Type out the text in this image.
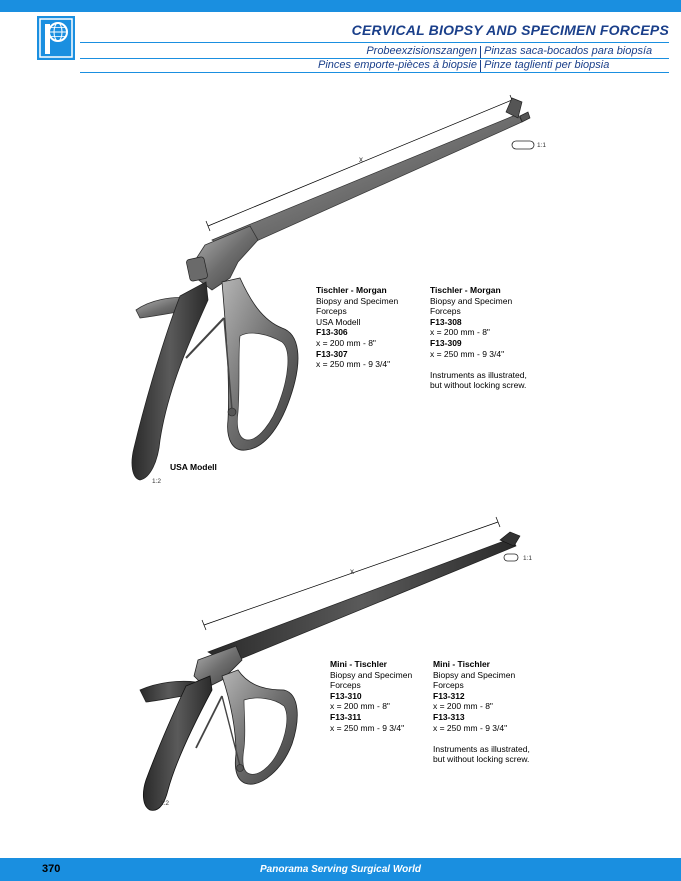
CERVICAL BIOPSY AND SPECIMEN FORCEPS
Probeexzisionszangen Pinzas saca-bocados para biopsía
Pinces emporte-pièces à biopsie Pinze taglienti per biopsia
x
1:1
1:2
USA Modell
x
1:1
1:2
Tischler - Morgan
Biopsy and Specimen
Forceps
USA Modell
F13-306
x = 200 mm - 8"
F13-307
x = 250 mm - 9 3/4"
Tischler - Morgan
Biopsy and Specimen
Forceps
F13-308
x = 200 mm - 8"
F13-309
x = 250 mm - 9 3/4"
Instruments as illustrated,
but without locking screw.
Mini - Tischler
Biopsy and Specimen
Forceps
F13-310
x = 200 mm - 8"
F13-311
x = 250 mm - 9 3/4"
Mini - Tischler
Biopsy and Specimen
Forceps
F13-312
x = 200 mm - 8"
F13-313
x = 250 mm - 9 3/4"
Instruments as illustrated,
but without locking screw.
370	Panorama Serving Surgical World
